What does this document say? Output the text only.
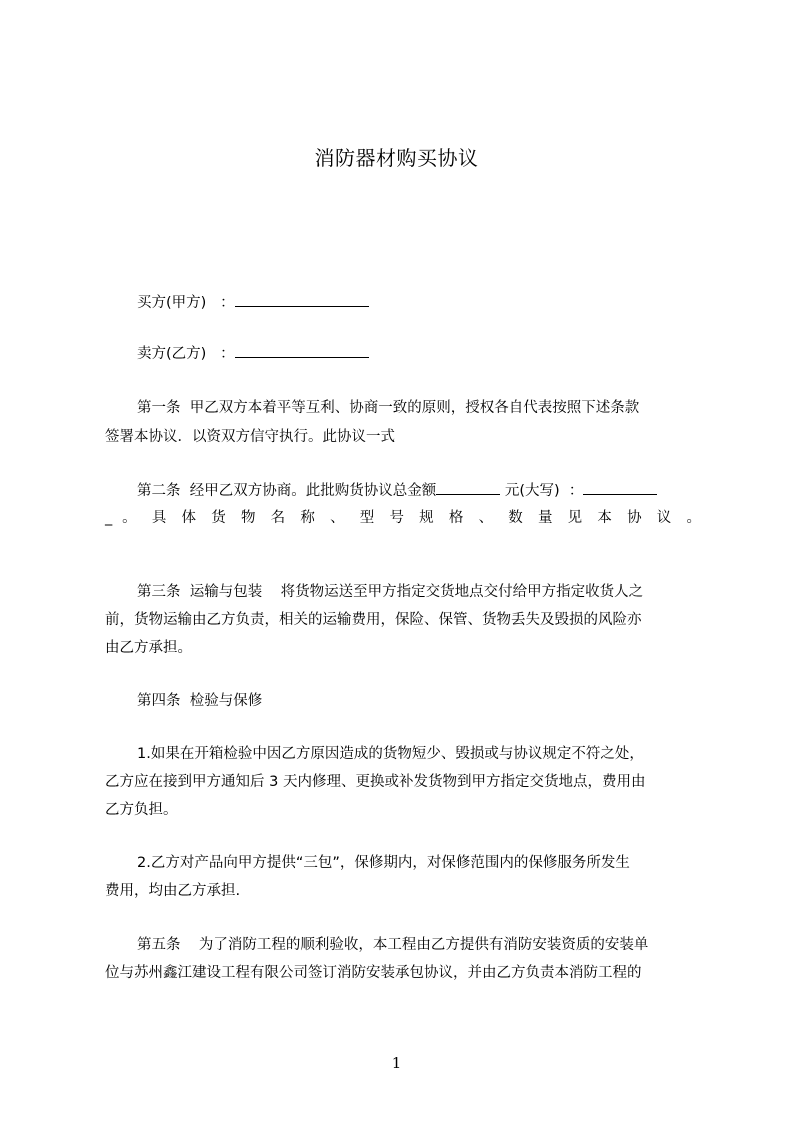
消防器材购买协议
买方(甲方)   ：
卖方(乙方)   ：
第一条  甲乙双方本着平等互利、协商一致的原则，授权各自代表按照下述条款
签署本协议．以资双方信守执行。此协议一式
第二条  经甲乙双方协商。此批购货协议总金额	元(大写)  ：
_ 。 具 体 货 物 名 称 、 型 号 规 格 、 数 量 见 本 协 议 。
第三条  运输与包装    将货物运送至甲方指定交货地点交付给甲方指定收货人之
前，货物运输由乙方负责，相关的运输费用，保险、保管、货物丢失及毁损的风险亦
由乙方承担。
第四条  检验与保修
1.如果在开箱检验中因乙方原因造成的货物短少、毁损或与协议规定不符之处，
乙方应在接到甲方通知后 3 天内修理、更换或补发货物到甲方指定交货地点，费用由
乙方负担。
2.乙方对产品向甲方提供“三包”，保修期内，对保修范围内的保修服务所发生
费用，均由乙方承担.
第五条    为了消防工程的顺利验收，本工程由乙方提供有消防安装资质的安装单
位与苏州鑫江建设工程有限公司签订消防安装承包协议，并由乙方负责本消防工程的
1
